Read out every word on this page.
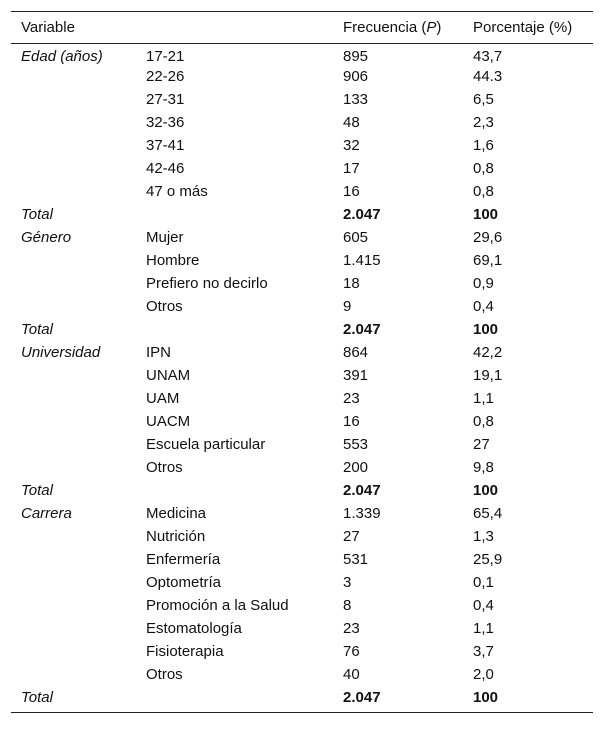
Variable		Frecuencia (P)	Porcentaje (%)
Edad (años)	17-21	895	43,7
	22-26	906	44.3
	27-31	133	6,5
	32-36	48	2,3
	37-41	32	1,6
	42-46	17	0,8
	47 o más	16	0,8
Total		2.047	100
Género	Mujer	605	29,6
	Hombre	1.415	69,1
	Prefiero no decirlo	18	0,9
	Otros	9	0,4
Total		2.047	100
Universidad	IPN	864	42,2
	UNAM	391	19,1
	UAM	23	1,1
	UACM	16	0,8
	Escuela particular	553	27
	Otros	200	9,8
Total		2.047	100
Carrera	Medicina	1.339	65,4
	Nutrición	27	1,3
	Enfermería	531	25,9
	Optometría	3	0,1
	Promoción a la Salud	8	0,4
	Estomatología	23	1,1
	Fisioterapia	76	3,7
	Otros	40	2,0
Total		2.047	100
